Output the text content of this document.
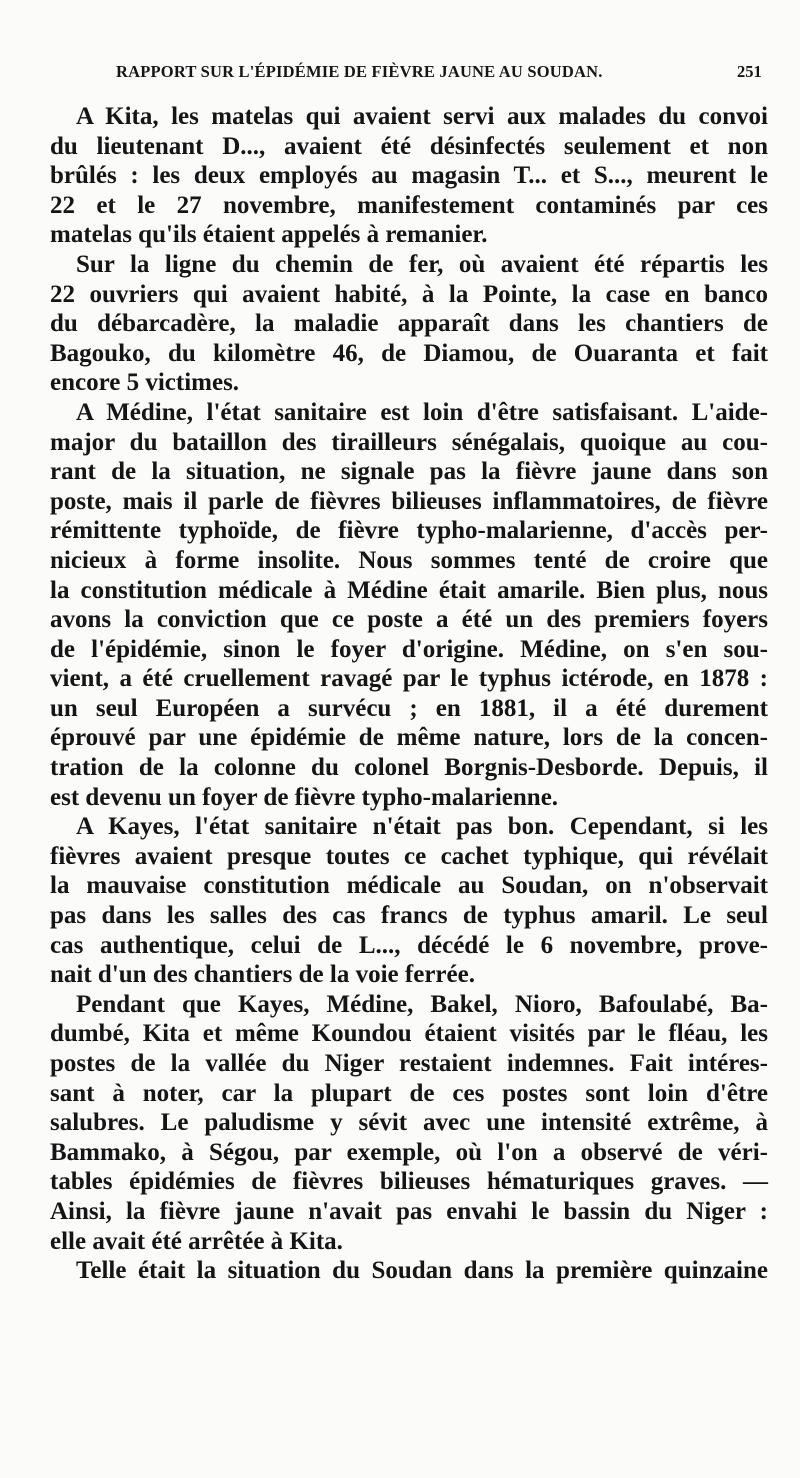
RAPPORT SUR L'ÉPIDÉMIE DE FIÈVRE JAUNE AU SOUDAN.	251
A Kita, les matelas qui avaient servi aux malades du convoi
du lieutenant D..., avaient été désinfectés seulement et non
brûlés : les deux employés au magasin T... et S..., meurent le
22 et le 27 novembre, manifestement contaminés par ces
matelas qu'ils étaient appelés à remanier.
Sur la ligne du chemin de fer, où avaient été répartis les
22 ouvriers qui avaient habité, à la Pointe, la case en banco
du débarcadère, la maladie apparaît dans les chantiers de
Bagouko, du kilomètre 46, de Diamou, de Ouaranta et fait
encore 5 victimes.
A Médine, l'état sanitaire est loin d'être satisfaisant. L'aide-
major du bataillon des tirailleurs sénégalais, quoique au cou-
rant de la situation, ne signale pas la fièvre jaune dans son
poste, mais il parle de fièvres bilieuses inflammatoires, de fièvre
rémittente typhoïde, de fièvre typho-malarienne, d'accès per-
nicieux à forme insolite. Nous sommes tenté de croire que
la constitution médicale à Médine était amarile. Bien plus, nous
avons la conviction que ce poste a été un des premiers foyers
de l'épidémie, sinon le foyer d'origine. Médine, on s'en sou-
vient, a été cruellement ravagé par le typhus ictérode, en 1878 :
un seul Européen a survécu ; en 1881, il a été durement
éprouvé par une épidémie de même nature, lors de la concen-
tration de la colonne du colonel Borgnis-Desborde. Depuis, il
est devenu un foyer de fièvre typho-malarienne.
A Kayes, l'état sanitaire n'était pas bon. Cependant, si les
fièvres avaient presque toutes ce cachet typhique, qui révélait
la mauvaise constitution médicale au Soudan, on n'observait
pas dans les salles des cas francs de typhus amaril. Le seul
cas authentique, celui de L..., décédé le 6 novembre, prove-
nait d'un des chantiers de la voie ferrée.
Pendant que Kayes, Médine, Bakel, Nioro, Bafoulabé, Ba-
dumbé, Kita et même Koundou étaient visités par le fléau, les
postes de la vallée du Niger restaient indemnes. Fait intéres-
sant à noter, car la plupart de ces postes sont loin d'être
salubres. Le paludisme y sévit avec une intensité extrême, à
Bammako, à Ségou, par exemple, où l'on a observé de véri-
tables épidémies de fièvres bilieuses hématuriques graves. —
Ainsi, la fièvre jaune n'avait pas envahi le bassin du Niger :
elle avait été arrêtée à Kita.
Telle était la situation du Soudan dans la première quinzaine
